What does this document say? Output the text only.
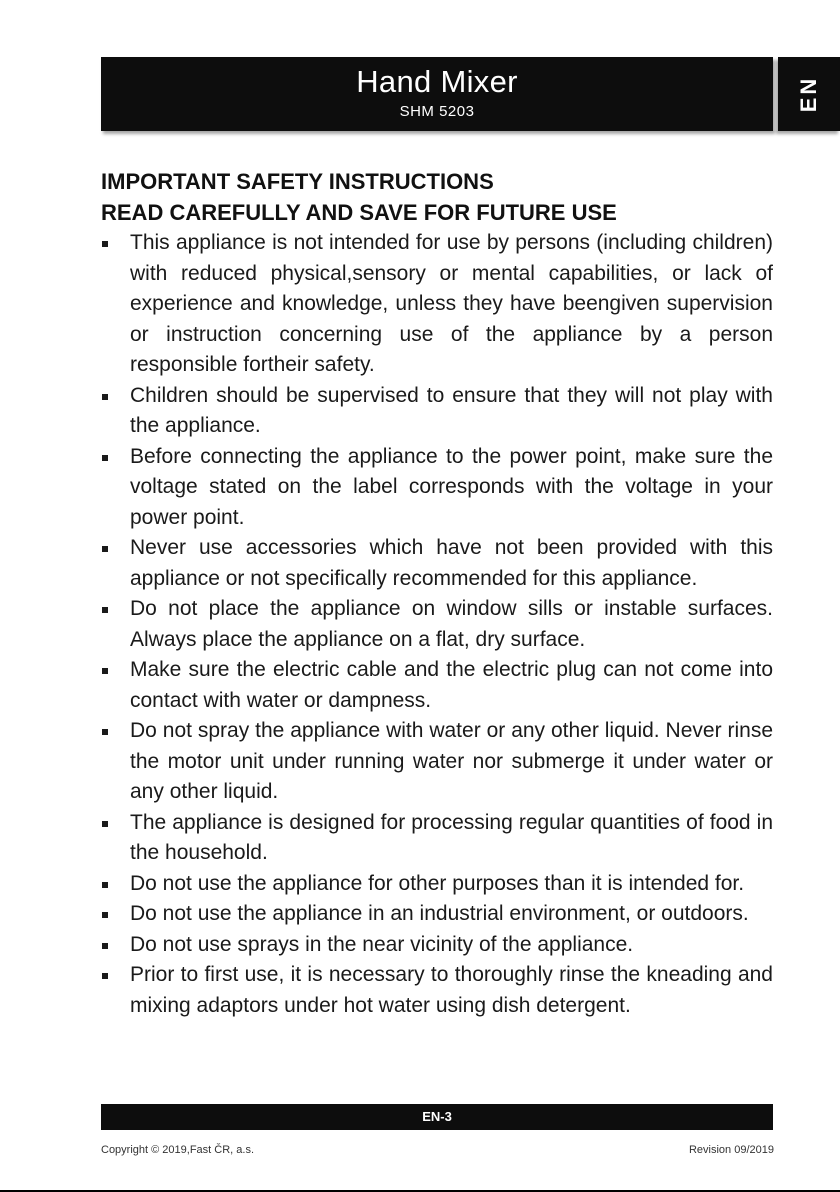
Hand Mixer
SHM 5203	EN
IMPORTANT SAFETY INSTRUCTIONS
READ CAREFULLY AND SAVE FOR FUTURE USE
This appliance is not intended for use by persons (including children) with reduced physical,sensory or mental capabilities, or lack of experience and knowledge, unless they have beengiven supervision or instruction concerning use of the appliance by a person responsible fortheir safety.
Children should be supervised to ensure that they will not play with the appliance.
Before connecting the appliance to the power point, make sure the voltage stated on the label corresponds with the voltage in your power point.
Never use accessories which have not been provided with this appliance or not specifically recommended for this appliance.
Do not place the appliance on window sills or instable surfaces. Always place the appliance on a flat, dry surface.
Make sure the electric cable and the electric plug can not come into contact with water or dampness.
Do not spray the appliance with water or any other liquid. Never rinse the motor unit under running water nor submerge it under water or any other liquid.
The appliance is designed for processing regular quantities of food in the household.
Do not use the appliance for other purposes than it is intended for.
Do not use the appliance in an industrial environment, or outdoors.
Do not use sprays in the near vicinity of the appliance.
Prior to first use, it is necessary to thoroughly rinse the kneading and mixing adaptors under hot water using dish detergent.
EN-3
Copyright © 2019,Fast ČR, a.s.	Revision 09/2019
